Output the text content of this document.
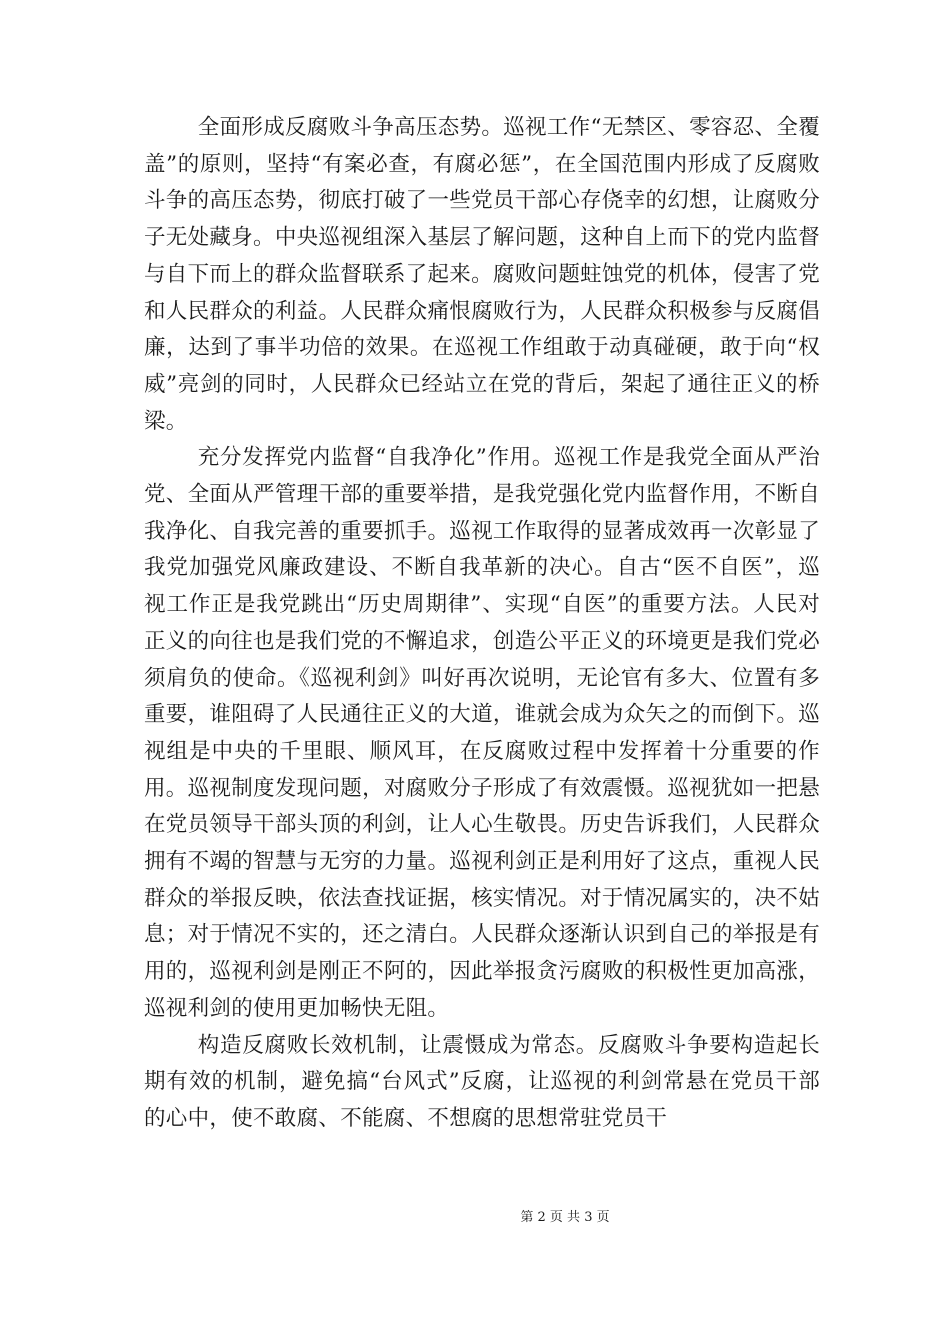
全面形成反腐败斗争高压态势。巡视工作“无禁区、零容忍、全覆盖”的原则，坚持“有案必查，有腐必惩”，在全国范围内形成了反腐败斗争的高压态势，彻底打破了一些党员干部心存侥幸的幻想，让腐败分子无处藏身。中央巡视组深入基层了解问题，这种自上而下的党内监督与自下而上的群众监督联系了起来。腐败问题蛀蚀党的机体，侵害了党和人民群众的利益。人民群众痛恨腐败行为，人民群众积极参与反腐倡廉，达到了事半功倍的效果。在巡视工作组敢于动真碰硬，敢于向“权威”亮剑的同时，人民群众已经站立在党的背后，架起了通往正义的桥梁。

充分发挥党内监督“自我净化”作用。巡视工作是我党全面从严治党、全面从严管理干部的重要举措，是我党强化党内监督作用，不断自我净化、自我完善的重要抓手。巡视工作取得的显著成效再一次彰显了我党加强党风廉政建设、不断自我革新的决心。自古“医不自医”，巡视工作正是我党跳出“历史周期律”、实现“自医”的重要方法。人民对正义的向往也是我们党的不懈追求，创造公平正义的环境更是我们党必须肩负的使命。《巡视利剑》叫好再次说明，无论官有多大、位置有多重要，谁阻碍了人民通往正义的大道，谁就会成为众矢之的而倒下。巡视组是中央的千里眼、顺风耳，在反腐败过程中发挥着十分重要的作用。巡视制度发现问题，对腐败分子形成了有效震慑。巡视犹如一把悬在党员领导干部头顶的利剑，让人心生敬畏。历史告诉我们，人民群众拥有不竭的智慧与无穷的力量。巡视利剑正是利用好了这点，重视人民群众的举报反映，依法查找证据，核实情况。对于情况属实的，决不姑息；对于情况不实的，还之清白。人民群众逐渐认识到自己的举报是有用的，巡视利剑是刚正不阿的，因此举报贪污腐败的积极性更加高涨，巡视利剑的使用更加畅快无阻。

构造反腐败长效机制，让震慑成为常态。反腐败斗争要构造起长期有效的机制，避免搞“台风式”反腐，让巡视的利剑常悬在党员干部的心中，使不敢腐、不能腐、不想腐的思想常驻党员干

第 2 页 共 3 页
